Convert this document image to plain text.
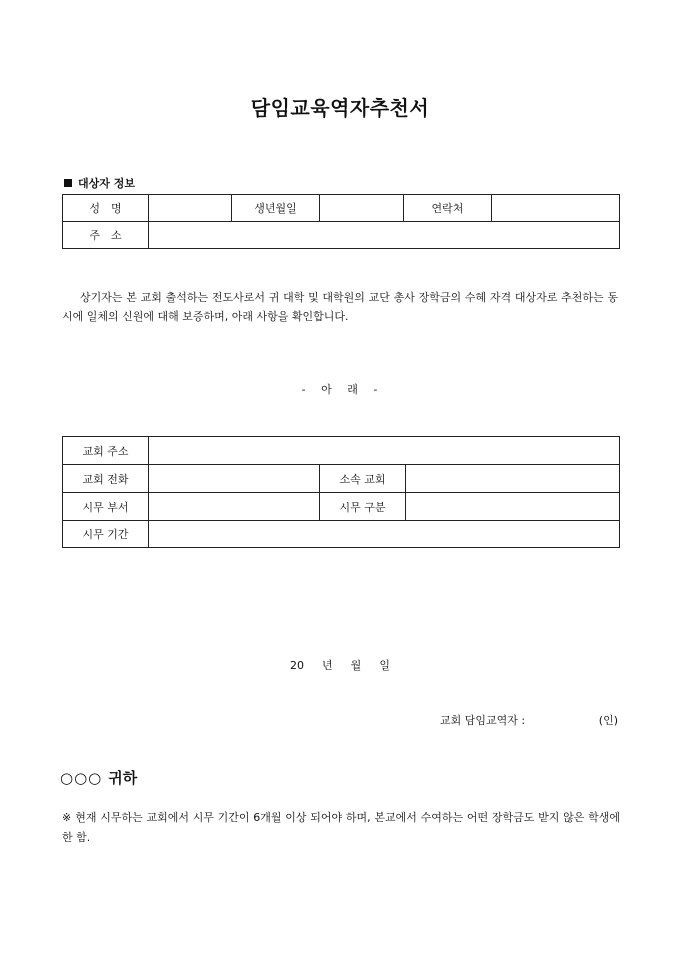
담임교육역자추천서
대상자 정보
성　명		생년월일		연락처	
주　소					
상기자는 본 교회 출석하는 전도사로서 귀 대학 및 대학원의 교단 총사 장학금의 수혜 자격 대상자로 추천하는 동시에 일체의 신원에 대해 보증하며, 아래 사항을 확인합니다.
- 아 래 -
교회 주소			
교회 전화		소속 교회	
시무 부서		시무 구분	
시무 기간			
20 년 월 일
교회 담임교역자 :	(인)
○○○ 귀하
※ 현재 시무하는 교회에서 시무 기간이 6개월 이상 되어야 하며, 본교에서 수여하는 어떤 장학금도 받지 않은 학생에 한 함.
